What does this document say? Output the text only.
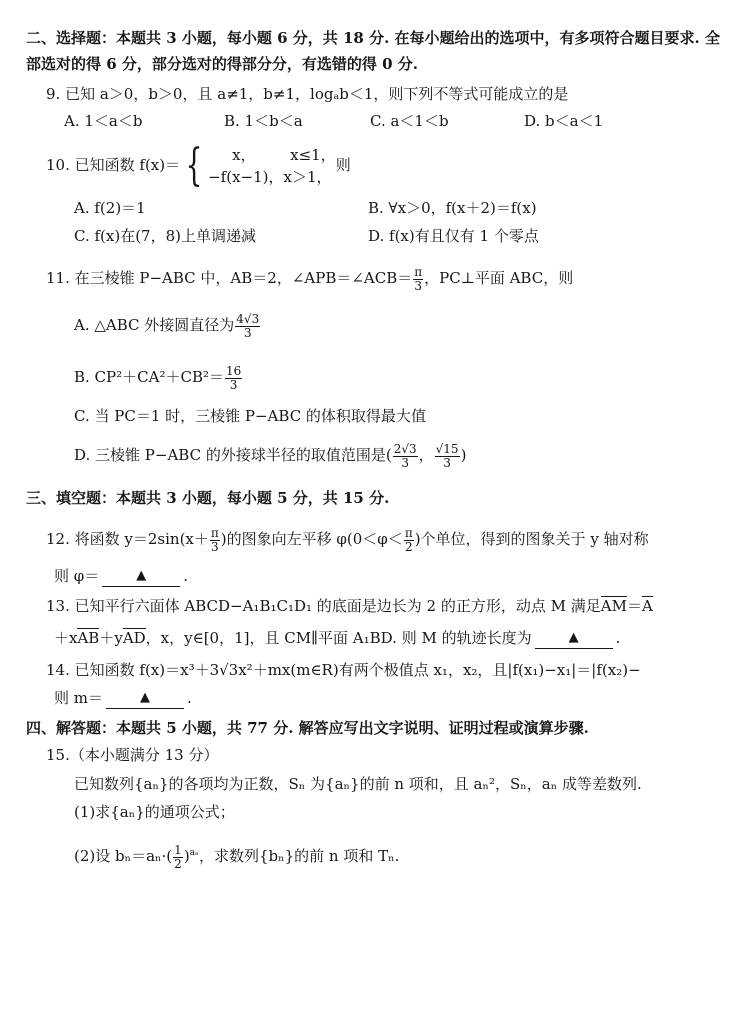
二、选择题：本题共 3 小题，每小题 6 分，共 18 分. 在每小题给出的选项中，有多项符合题目要求. 全
部选对的得 6 分，部分选对的得部分分，有选错的得 0 分.
9. 已知 a＞0，b＞0，且 a≠1，b≠1，logₐb＜1，则下列不等式可能成立的是
A. 1＜a＜b	B. 1＜b＜a	C. a＜1＜b	D. b＜a＜1
10. 已知函数 f(x)＝ {	x， x≤1，
−f(x−1)，x＞1，
则
A. f(2)＝1	B. ∀x＞0，f(x＋2)＝f(x)
C. f(x)在(7，8)上单调递减	D. f(x)有且仅有 1 个零点
11. 在三棱锥 P−ABC 中，AB＝2，∠APB＝∠ACB＝ $\frac{\pi}{3}$ ，PC⊥平面 ABC，则
A. △ABC 外接圆直径为 $\frac{4√3}{3}$
B. $CP^2+CA^2+CB^2= \frac{16}{3}$
C. 当 PC＝1 时，三棱锥 P−ABC 的体积取得最大值
D. 三棱锥 P−ABC 的外接球半径的取值范围是( $\frac{2√3}{3}$ ， $\frac{√15}{3}$ )
三、填空题：本题共 3 小题，每小题 5 分，共 15 分.
12. 将函数 $y=2\sin(x+ \frac{\pi}{3}$ )的图象向左平移 $\varphi(0<\varphi< \frac{\pi}{2}$ )个单位，得到的图象关于 y 轴对称
则 φ＝	▲ .
13. 已知平行六面体 ABCD−A₁B₁C₁D₁ 的底面是边长为 2 的正方形，动点 M 满足AM＝A
＋xAB＋yAD，x，y∈[0，1]，且 CM∥平面 A₁BD. 则 M 的轨迹长度为	▲ .
14. 已知函数 f(x)＝x³＋3√3x²＋mx(m∈R)有两个极值点 x₁，x₂，且|f(x₁)−x₁|＝|f(x₂)−
则 m＝	▲ .
四、解答题：本题共 5 小题，共 77 分. 解答应写出文字说明、证明过程或演算步骤.
15.（本小题满分 13 分）
已知数列{aₙ}的各项均为正数，Sₙ 为{aₙ}的前 n 项和，且 aₙ²，Sₙ，aₙ 成等差数列.
(1)求{aₙ}的通项公式；
(2)设 $b_n=a_n\cdot( \frac{1}{2} )^{a_n}$，求数列{bₙ}的前 n 项和 Tₙ.
